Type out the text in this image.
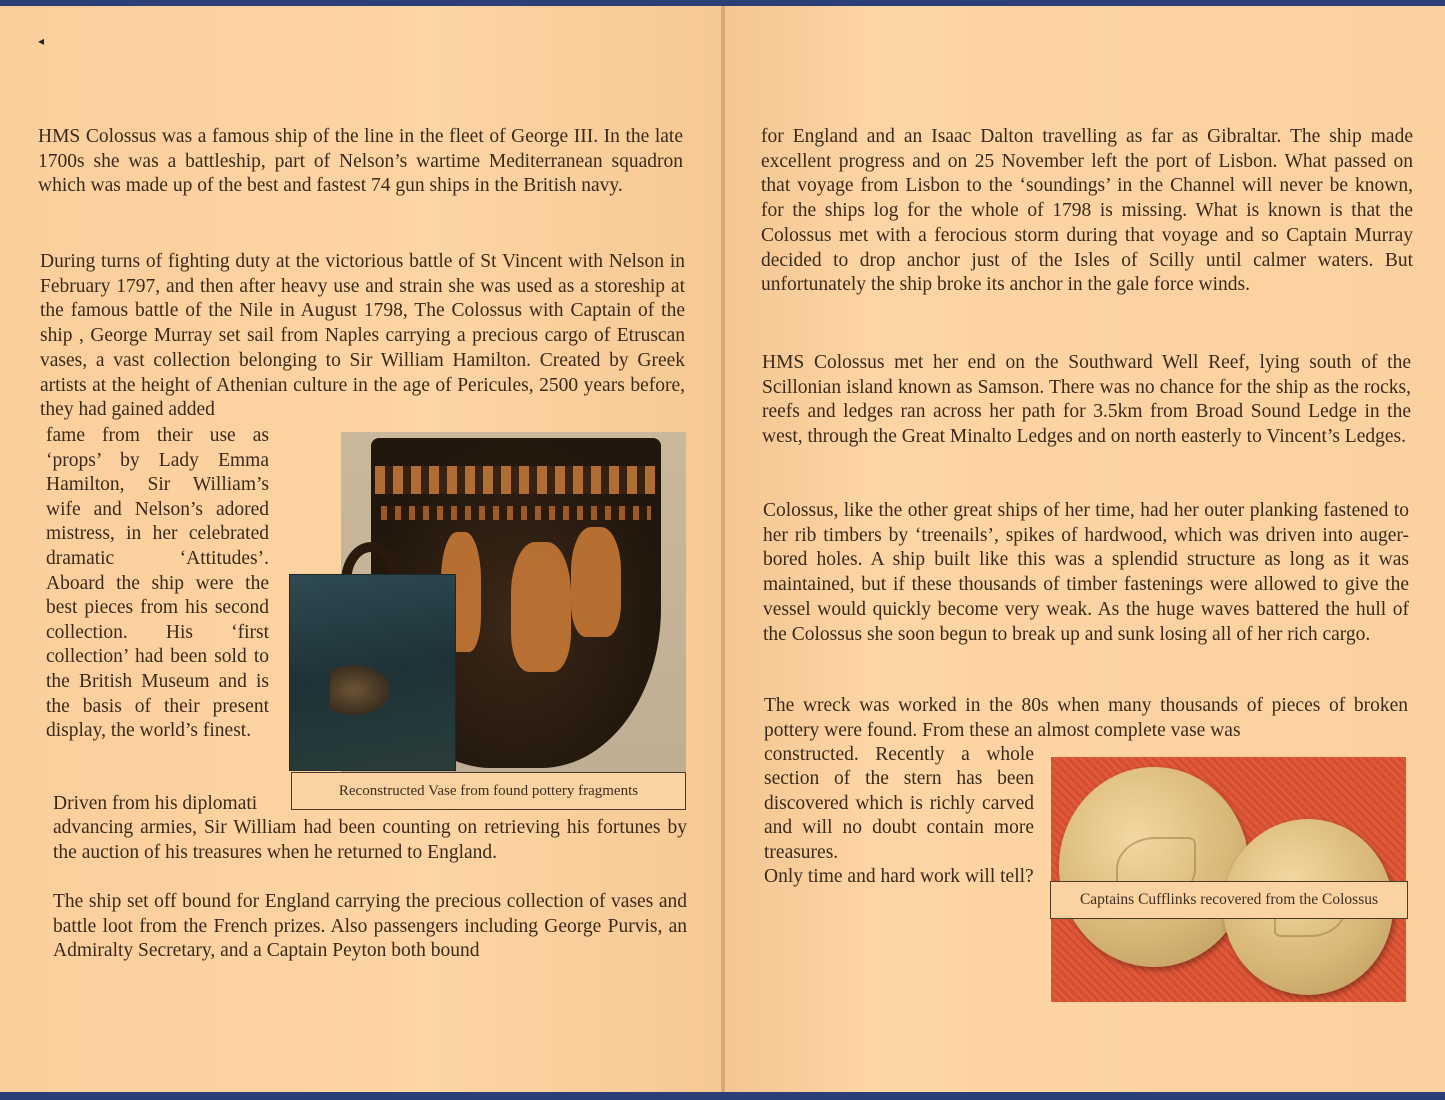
◂

HMS Colossus was a famous ship of the line in the fleet of George III. In the late 1700s she was a battleship, part of Nelson’s wartime Mediterranean squadron which was made up of the best and fastest 74 gun ships in the British navy.

During turns of fighting duty at the victorious battle of St Vincent with Nelson in February 1797, and then after heavy use and strain she was used as a storeship at the famous battle of the Nile in August 1798, The Colossus with Captain of the ship , George Murray set sail from Naples carrying a precious cargo of Etruscan vases, a vast collection belonging to Sir William Hamilton. Created by Greek artists at the height of Athenian culture in the age of Pericules, 2500 years before, they had gained added

fame from their use as ‘props’ by Lady Emma Hamilton, Sir William’s wife and Nelson’s adored mistress, in her celebrated dramatic ‘Attitudes’. Aboard the ship were the best pieces from his second collection. His ‘first collection’ had been sold to the British Museum and is the basis of their present display, the world’s finest.

Reconstructed Vase from found pottery fragments

Driven from his diplomati

advancing armies, Sir William had been counting on retrieving his fortunes by the auction of his treasures when he returned to England.

The ship set off bound for England carrying the precious collection of vases and battle loot from the French prizes. Also passengers including George Purvis, an Admiralty Secretary, and a Captain Peyton both bound

for England and an Isaac Dalton travelling as far as Gibraltar. The ship made excellent progress and on 25 November left the port of Lisbon. What passed on that voyage from Lisbon to the ‘soundings’ in the Channel will never be known, for the ships log for the whole of 1798 is missing. What is known is that the Colossus met with a ferocious storm during that voyage and so Captain Murray decided to drop anchor just of the Isles of Scilly until calmer waters. But unfortunately the ship broke its anchor in the gale force winds.

HMS Colossus met her end on the Southward Well Reef, lying south of the Scillonian island known as Samson. There was no chance for the ship as the rocks, reefs and ledges ran across her path for 3.5km from Broad Sound Ledge in the west, through the Great Minalto Ledges and on north easterly to Vincent’s Ledges.

Colossus, like the other great ships of her time, had her outer planking fastened to her rib timbers by ‘treenails’, spikes of hardwood, which was driven into auger-bored holes. A ship built like this was a splendid structure as long as it was maintained, but if these thousands of timber fastenings were allowed to give the vessel would quickly become very weak. As the huge waves battered the hull of the Colossus she soon begun to break up and sunk losing all of her rich cargo.

The wreck was worked in the 80s when many thousands of pieces of broken pottery were found. From these an almost complete vase was

constructed. Recently a whole section of the stern has been discovered which is richly carved and will no doubt contain more treasures.

Only time and hard work will tell?

Captains Cufflinks recovered from the Colossus
